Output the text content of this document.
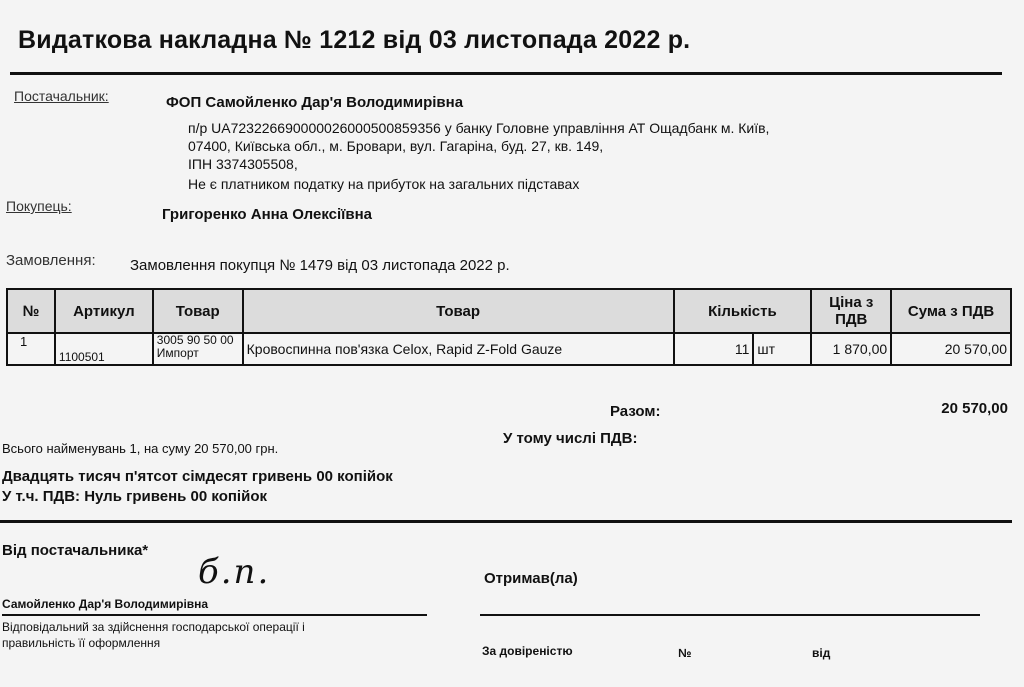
Видаткова накладна № 1212 від 03 листопада 2022 р.
Постачальник:	ФОП Самойленко Дар'я Володимирівна
п/р UA723226690000026000500859356 у банку Головне управління АТ Ощадбанк м. Київ,
07400, Київська обл., м. Бровари, вул. Гагаріна, буд. 27, кв. 149,
ІПН 3374305508,
Не є платником податку на прибуток на загальних підставах
Покупець:	Григоренко Анна Олексіївна
Замовлення: Замовлення покупця № 1479 від 03 листопада 2022 р.
№	Артикул	Товар	Товар	Кількість		Ціна з ПДВ	Сума з ПДВ
1	1100501	3005 90 50 00 Импорт	Кровоспинна пов'язка Celox, Rapid Z-Fold Gauze	11	шт	1 870,00	20 570,00
Разом:	20 570,00
У тому числі ПДВ:
Всього найменувань 1, на суму 20 570,00 грн.
Двадцять тисяч п'ятсот сімдесят гривень 00 копійок
У т.ч. ПДВ: Нуль гривень 00 копійок
Від постачальника*
б.п.
Самойленко Дар'я Володимирівна
Відповідальний за здійснення господарської операції і
правильність її оформлення
Отримав(ла)
За довіреністю	№	від
